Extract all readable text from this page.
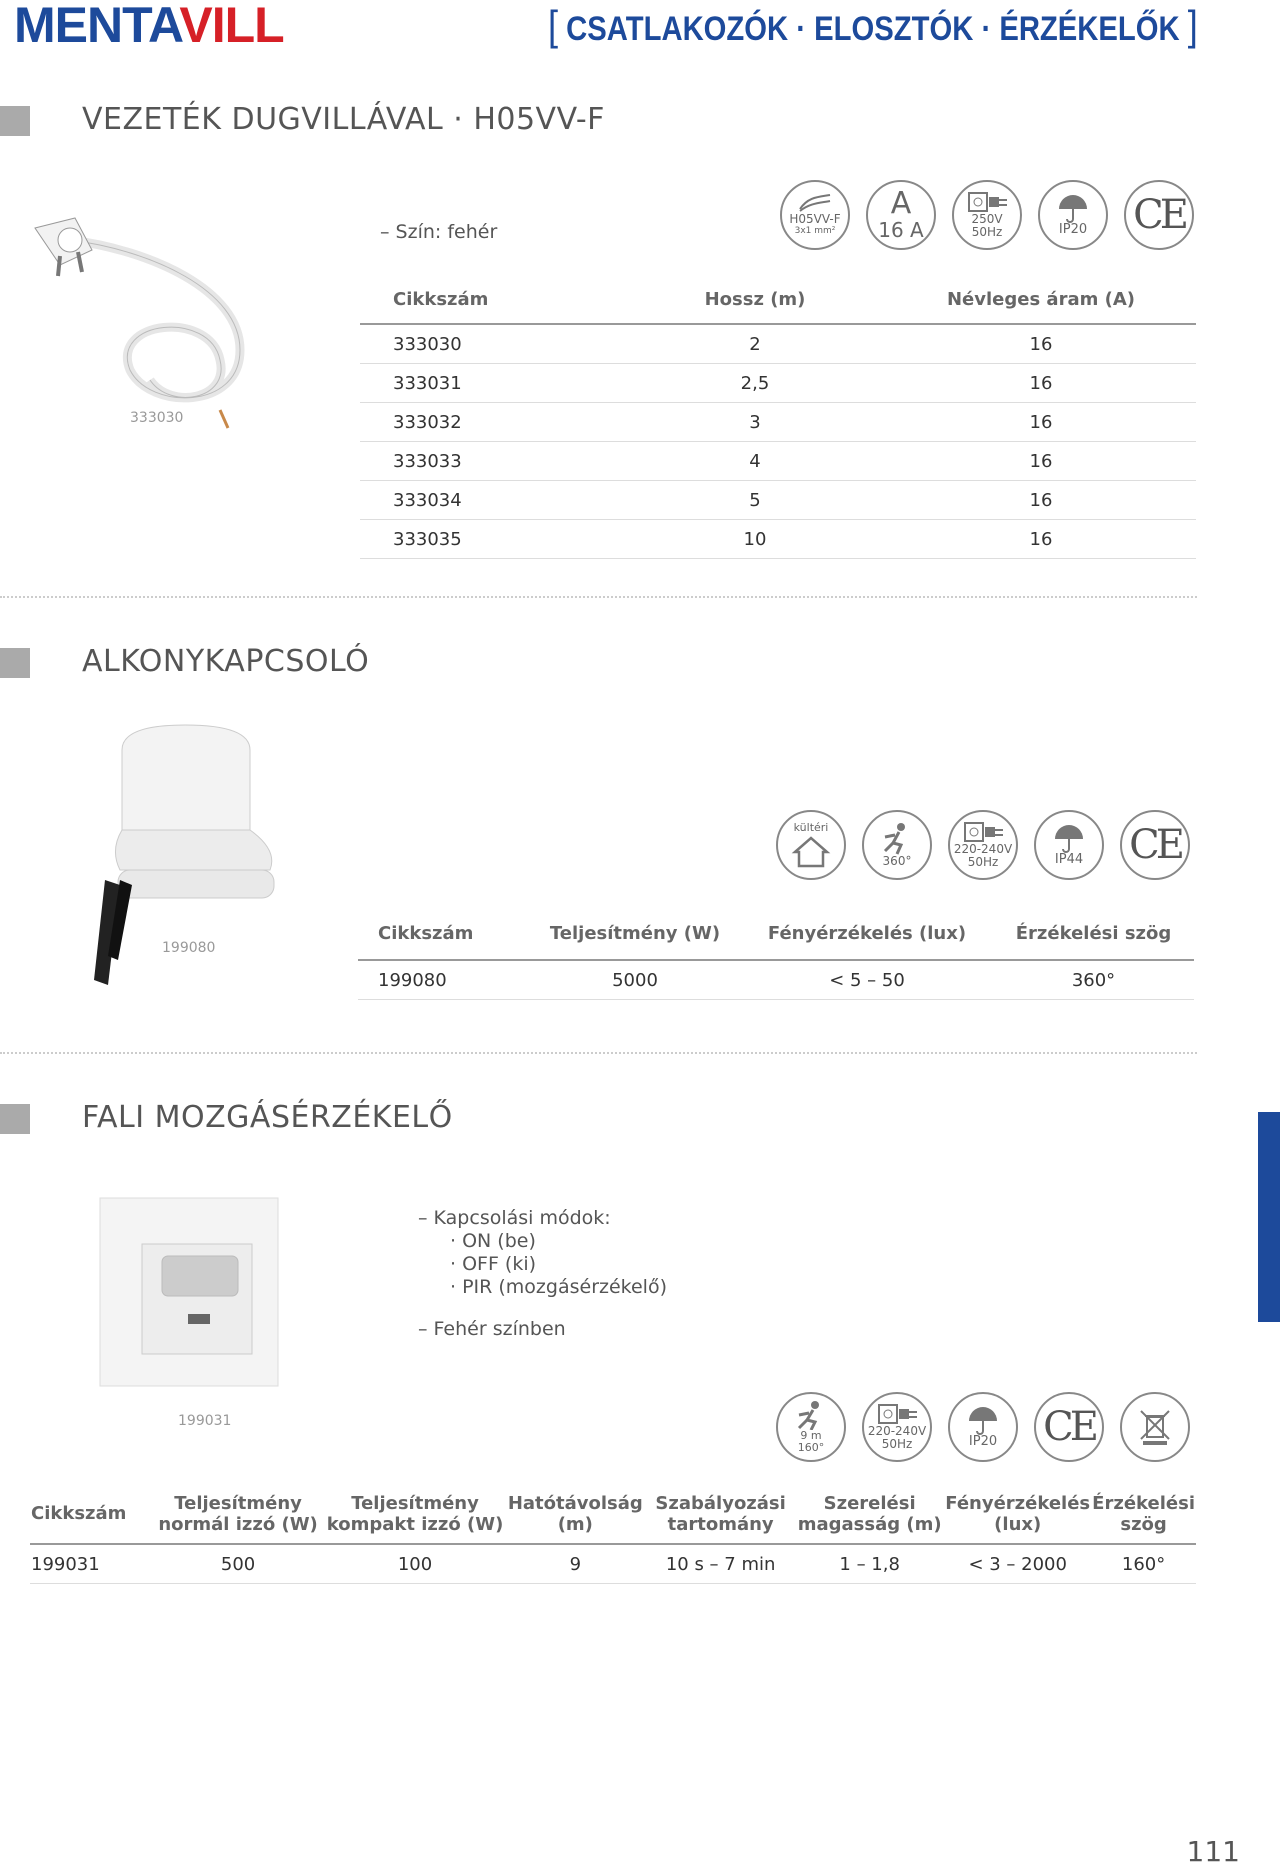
MENTAVILL	[ CSATLAKOZÓK · ELOSZTÓK · ÉRZÉKELŐK ]
VEZETÉK DUGVILLÁVAL · H05VV-F
333030
– Szín: fehér
H05VV-F
3x1 mm²
A
16 A	250V
50Hz	IP20 CE
Cikkszám	Hossz (m)	Névleges áram (A)
333030	2	16
333031	2,5	16
333032	3	16
333033	4	16
333034	5	16
333035	10	16
ALKONYKAPCSOLÓ
199080
kültéri
360°
220-240V
50Hz	IP44 CE
Cikkszám	Teljesítmény (W)	Fényérzékelés (lux)	Érzékelési szög
199080	5000	< 5 – 50	360°
FALI MOZGÁSÉRZÉKELŐ
199031
– Kapcsolási módok:
· ON (be)
· OFF (ki)
· PIR (mozgásérzékelő)
– Fehér színben
9 m
160°
220-240V
50Hz	IP20 CE
Cikkszám	Teljesítmény normál izzó (W)	Teljesítmény kompakt izzó (W)	Hatótávolság (m)	Szabályozási tartomány	Szerelési magasság (m)	Fényérzékelés (lux)	Érzékelési szög
199031	500	100	9	10 s – 7 min	1 – 1,8	< 3 – 2000	160°
111
